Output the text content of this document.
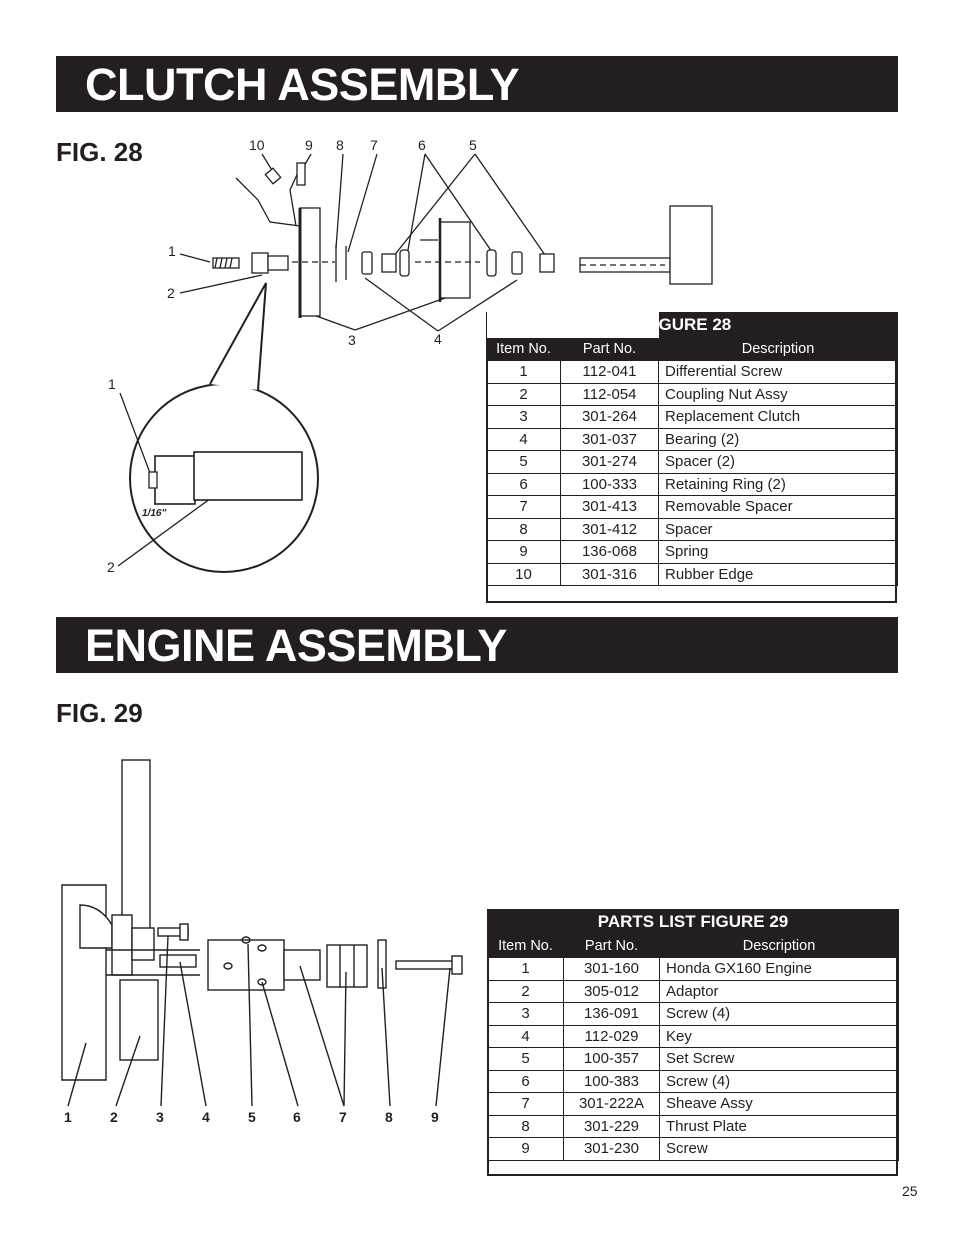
CLUTCH ASSEMBLY
FIG. 28	10	9 8 7	6	5
1
2
3	4
1
2
1/16"
		GURE 28
Item No.	Part No.	Description
1	112-041	Differential Screw
2	112-054	Coupling Nut Assy
3	301-264	Replacement Clutch
4	301-037	Bearing (2)
5	301-274	Spacer (2)
6	100-333	Retaining Ring (2)
7	301-413	Removable Spacer
8	301-412	Spacer
9	136-068	Spring
10	301-316	Rubber Edge
ENGINE ASSEMBLY
FIG. 29
1	2	3	4	5	6	7	8	9
PARTS LIST FIGURE 29		
Item No.	Part No.	Description
1	301-160	Honda GX160 Engine
2	305-012	Adaptor
3	136-091	Screw (4)
4	112-029	Key
5	100-357	Set Screw
6	100-383	Screw (4)
7	301-222A	Sheave Assy
8	301-229	Thrust Plate
9	301-230	Screw
25
